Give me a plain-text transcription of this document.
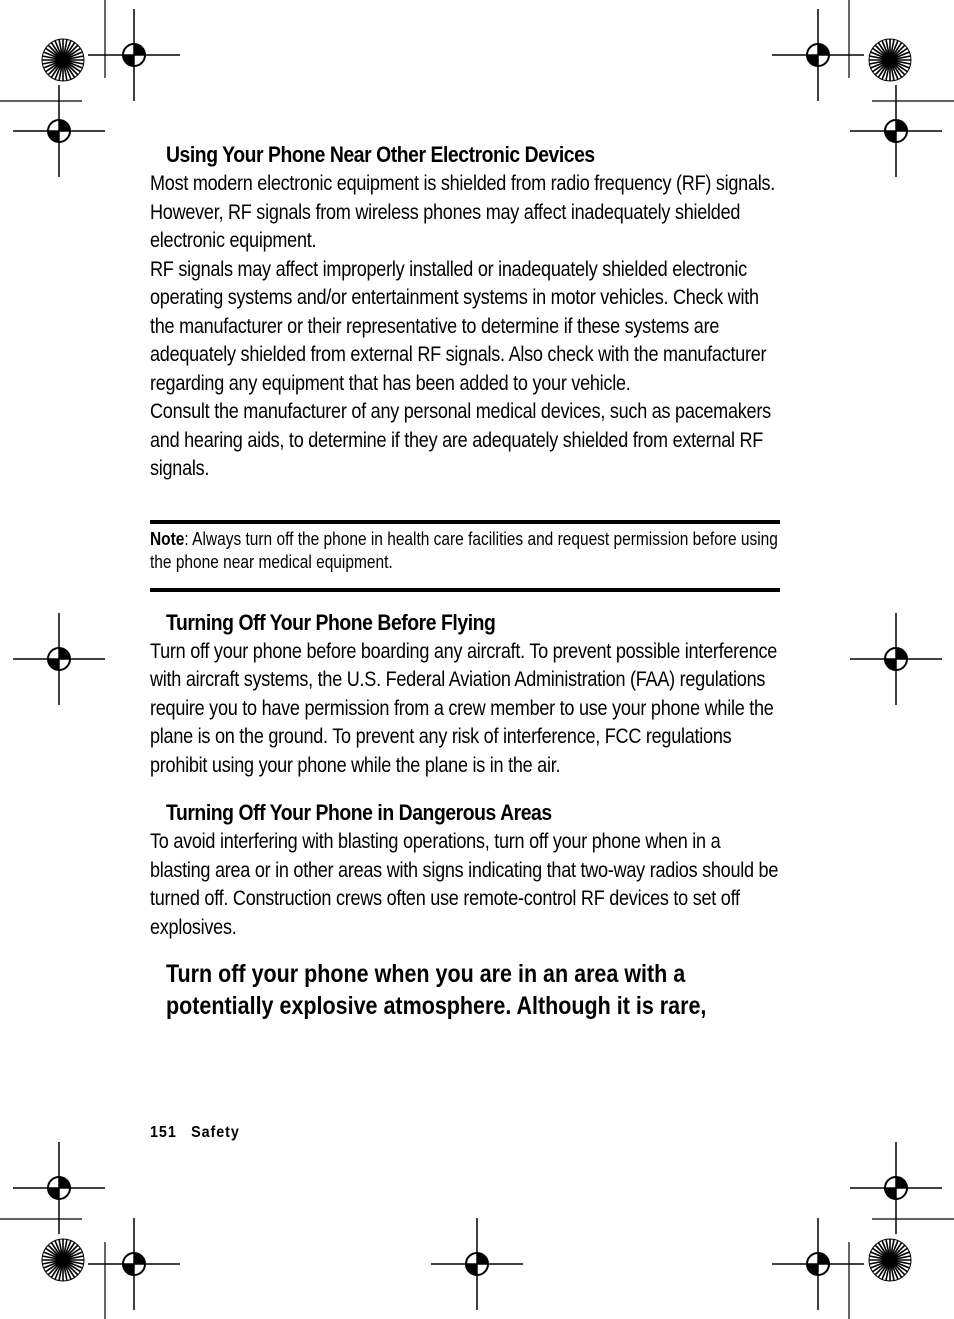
Using Your Phone Near Other Electronic Devices

Most modern electronic equipment is shielded from radio frequency (RF) signals. However, RF signals from wireless phones may affect inadequately shielded electronic equipment.

RF signals may affect improperly installed or inadequately shielded electronic operating systems and/or entertainment systems in motor vehicles. Check with the manufacturer or their representative to determine if these systems are adequately shielded from external RF signals. Also check with the manufacturer regarding any equipment that has been added to your vehicle.

Consult the manufacturer of any personal medical devices, such as pacemakers and hearing aids, to determine if they are adequately shielded from external RF signals.

Note: Always turn off the phone in health care facilities and request permission before using the phone near medical equipment.
Turning Off Your Phone Before Flying

Turn off your phone before boarding any aircraft. To prevent possible interference with aircraft systems, the U.S. Federal Aviation Administration (FAA) regulations require you to have permission from a crew member to use your phone while the plane is on the ground. To prevent any risk of interference, FCC regulations prohibit using your phone while the plane is in the air.

Turning Off Your Phone in Dangerous Areas

To avoid interfering with blasting operations, turn off your phone when in a blasting area or in other areas with signs indicating that two-way radios should be turned off. Construction crews often use remote-control RF devices to set off explosives.

Turn off your phone when you are in an area with a potentially explosive atmosphere. Although it is rare,
151 Safety
